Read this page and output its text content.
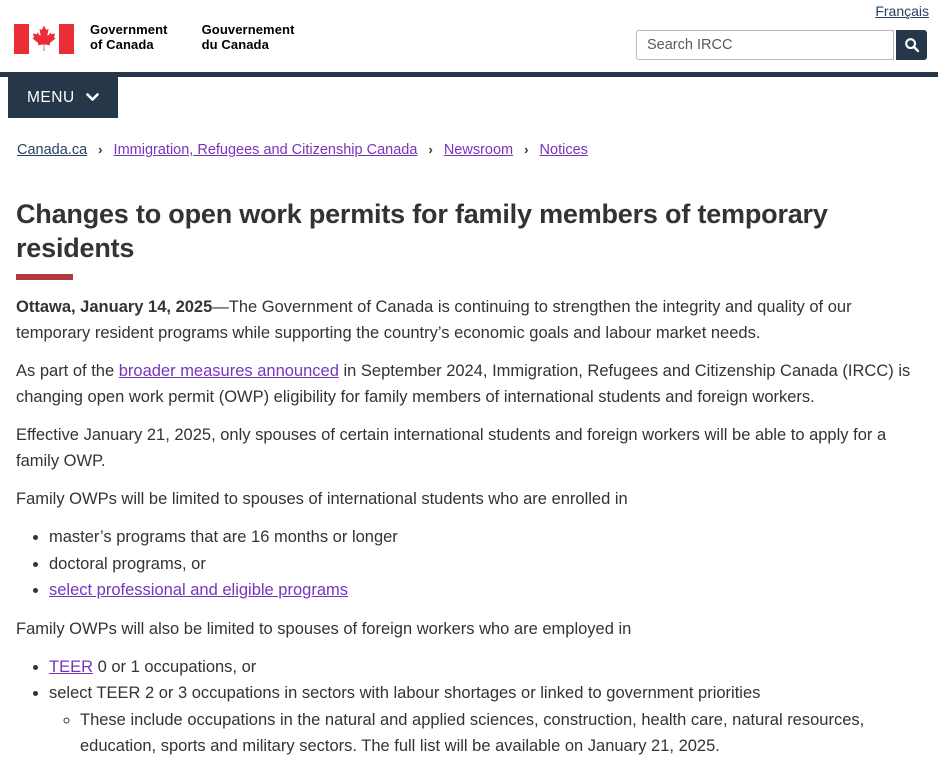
Français
Government
of Canada
Gouvernement
du Canada
Search IRCC
MENU
Canada.ca › Immigration, Refugees and Citizenship Canada › Newsroom › Notices
Changes to open work permits for family members of temporary residents

Ottawa, January 14, 2025—The Government of Canada is continuing to strengthen the integrity and quality of our temporary resident programs while supporting the country’s economic goals and labour market needs.

As part of the broader measures announced in September 2024, Immigration, Refugees and Citizenship Canada (IRCC) is changing open work permit (OWP) eligibility for family members of international students and foreign workers.

Effective January 21, 2025, only spouses of certain international students and foreign workers will be able to apply for a family OWP.

Family OWPs will be limited to spouses of international students who are enrolled in

• master’s programs that are 16 months or longer
• doctoral programs, or
• select professional and eligible programs

Family OWPs will also be limited to spouses of foreign workers who are employed in

• TEER 0 or 1 occupations, or
• select TEER 2 or 3 occupations in sectors with labour shortages or linked to government priorities
◦ These include occupations in the natural and applied sciences, construction, health care, natural resources, education, sports and military sectors. The full list will be available on January 21, 2025.
